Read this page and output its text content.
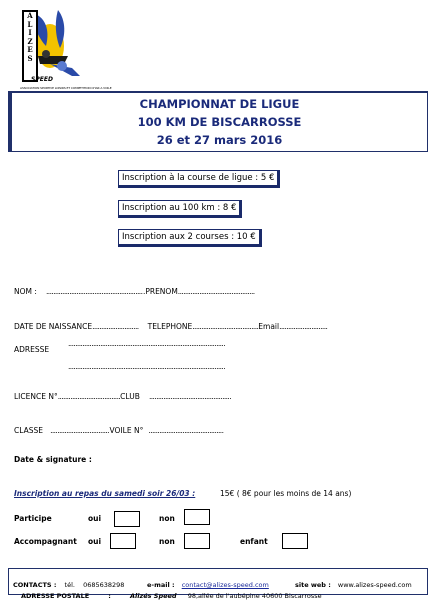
A
L
I
Z
E
S
SPEED
ASSOCIATION SPORTIVE LOISIRS ET COMPETITION CHAR A VOILE
CHAMPIONNAT DE LIGUE
100 KM DE BISCARROSSE
26 et 27 mars 2016
Inscription à la course de ligue : 5 €
Inscription au 100 km : 8 €
Inscription aux 2 courses : 10 €
NOM : .......................................................PRENOM...........................................
DATE DE NAISSANCE.......................... TELEPHONE.....................................Email...........................
ADRESSE
........................................................................................
........................................................................................
LICENCE N°...................................CLUB ..............................................
CLASSE .................................VOILE N° ..........................................
Date & signature :
Inscription au repas du samedi soir 26/03 :	15€ ( 8€ pour les moins de 14 ans)
Participe	oui	non
Accompagnant oui	non	enfant
CONTACTS : tél. 0685638298	e-mail : contact@alizes-speed.com	site web : www.alizes-speed.com
ADRESSE POSTALE	:	Alizés Speed 98,allée de l'aubépine 40600 Biscarrosse
